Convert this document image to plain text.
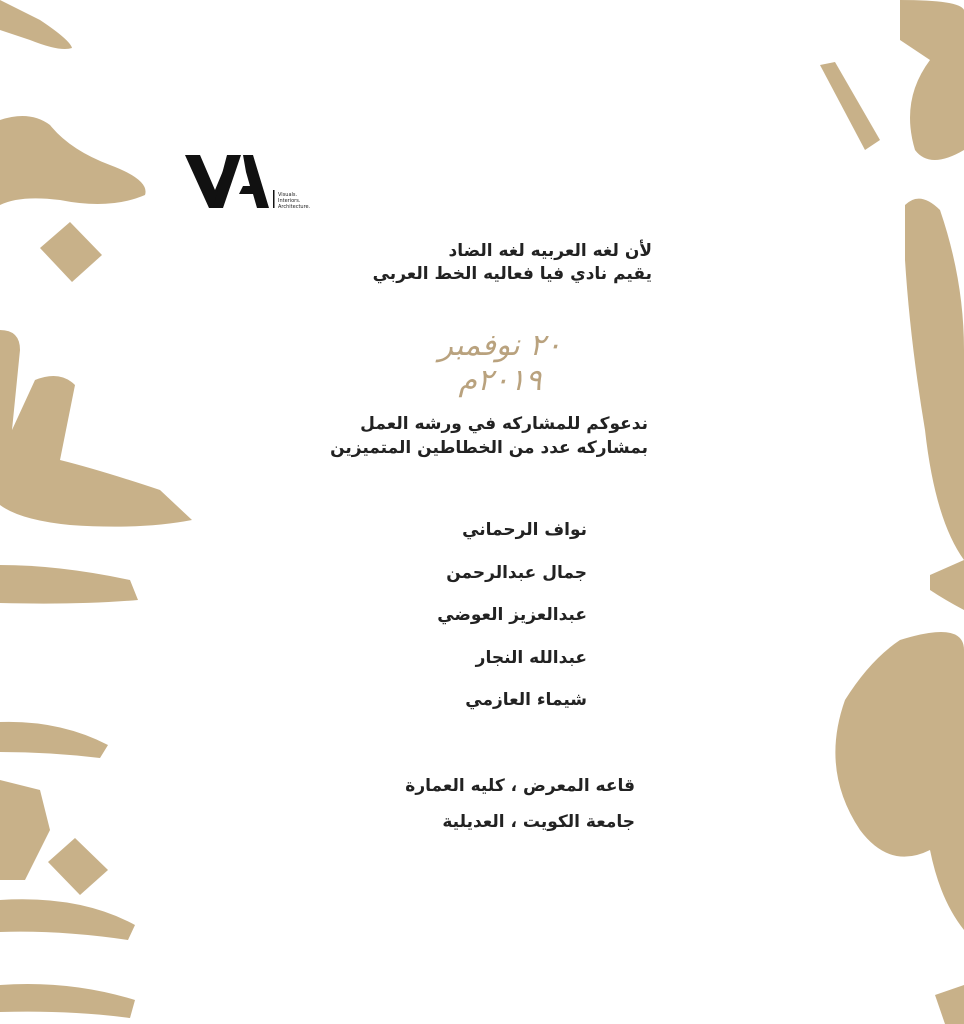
Visuals.
Interiors.
Architecture.
لأن لغه العربيه لغه الضاد
يقيم نادي فيا فعاليه الخط العربي
٢٠ نوفمبر ٢٠١٩م
ندعوكم للمشاركه في ورشه العمل
بمشاركه عدد من الخطاطين المتميزين
نواف الرحماني
جمال عبدالرحمن
عبدالعزيز العوضي
عبدالله النجار
شيماء العازمي
قاعه المعرض ، كليه العمارة
جامعة الكويت ، العديلية
